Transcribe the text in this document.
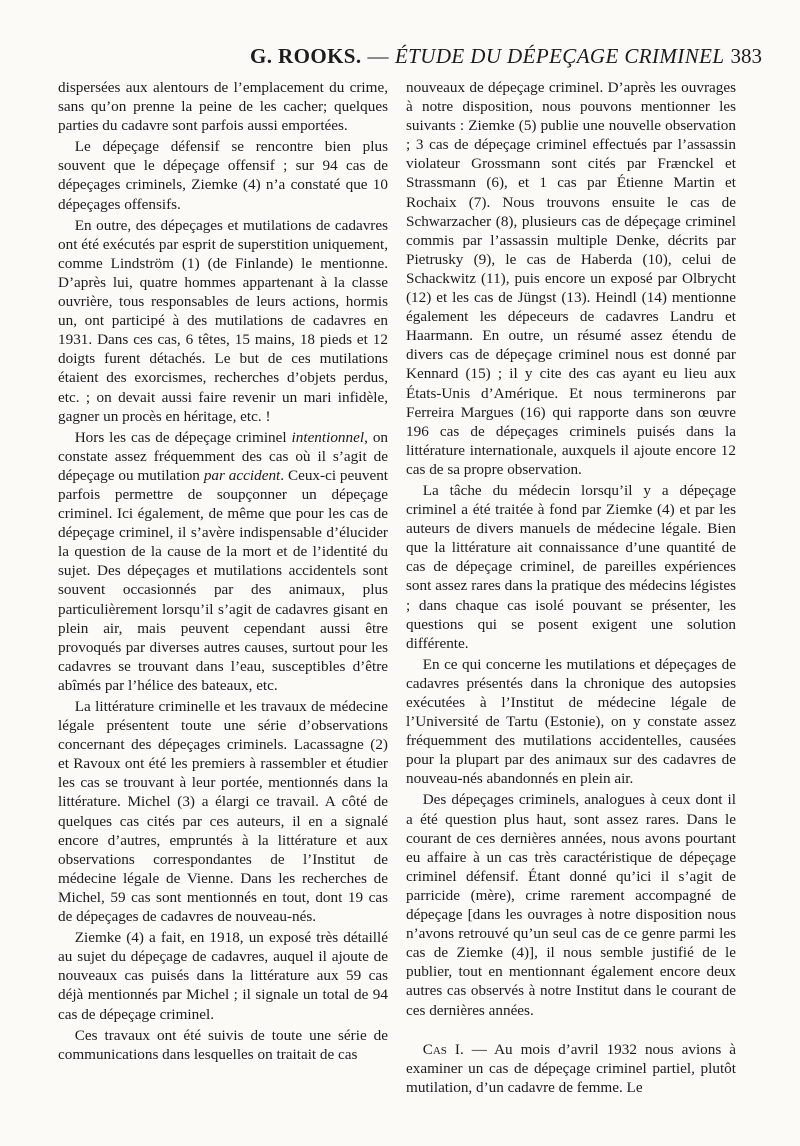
G. ROOKS. — ÉTUDE DU DÉPEÇAGE CRIMINEL 383

dispersées aux alentours de l’emplacement du crime, sans qu’on prenne la peine de les cacher; quelques parties du cadavre sont parfois aussi emportées.

Le dépeçage défensif se rencontre bien plus souvent que le dépeçage offensif ; sur 94 cas de dépeçages criminels, Ziemke (4) n’a constaté que 10 dépeçages offensifs.

En outre, des dépeçages et mutilations de cadavres ont été exécutés par esprit de superstition uniquement, comme Lindström (1) (de Finlande) le mentionne. D’après lui, quatre hommes appartenant à la classe ouvrière, tous responsables de leurs actions, hormis un, ont participé à des mutilations de cadavres en 1931. Dans ces cas, 6 têtes, 15 mains, 18 pieds et 12 doigts furent détachés. Le but de ces mutilations étaient des exorcismes, recherches d’objets perdus, etc. ; on devait aussi faire revenir un mari infidèle, gagner un procès en héritage, etc. !

Hors les cas de dépeçage criminel intentionnel, on constate assez fréquemment des cas où il s’agit de dépeçage ou mutilation par accident. Ceux-ci peuvent parfois permettre de soupçonner un dépeçage criminel. Ici également, de même que pour les cas de dépeçage criminel, il s’avère indispensable d’élucider la question de la cause de la mort et de l’identité du sujet. Des dépeçages et mutilations accidentels sont souvent occasionnés par des animaux, plus particulièrement lorsqu’il s’agit de cadavres gisant en plein air, mais peuvent cependant aussi être provoqués par diverses autres causes, surtout pour les cadavres se trouvant dans l’eau, susceptibles d’être abîmés par l’hélice des bateaux, etc.

La littérature criminelle et les travaux de médecine légale présentent toute une série d’observations concernant des dépeçages criminels. Lacassagne (2) et Ravoux ont été les premiers à rassembler et étudier les cas se trouvant à leur portée, mentionnés dans la littérature. Michel (3) a élargi ce travail. A côté de quelques cas cités par ces auteurs, il en a signalé encore d’autres, empruntés à la littérature et aux observations correspondantes de l’Institut de médecine légale de Vienne. Dans les recherches de Michel, 59 cas sont mentionnés en tout, dont 19 cas de dépeçages de cadavres de nouveau-nés.

Ziemke (4) a fait, en 1918, un exposé très détaillé au sujet du dépeçage de cadavres, auquel il ajoute de nouveaux cas puisés dans la littérature aux 59 cas déjà mentionnés par Michel ; il signale un total de 94 cas de dépeçage criminel.

Ces travaux ont été suivis de toute une série de communications dans lesquelles on traitait de cas

nouveaux de dépeçage criminel. D’après les ouvrages à notre disposition, nous pouvons mentionner les suivants : Ziemke (5) publie une nouvelle observation ; 3 cas de dépeçage criminel effectués par l’assassin violateur Grossmann sont cités par Frænckel et Strassmann (6), et 1 cas par Étienne Martin et Rochaix (7). Nous trouvons ensuite le cas de Schwarzacher (8), plusieurs cas de dépeçage criminel commis par l’assassin multiple Denke, décrits par Pietrusky (9), le cas de Haberda (10), celui de Schackwitz (11), puis encore un exposé par Olbrycht (12) et les cas de Jüngst (13). Heindl (14) mentionne également les dépeceurs de cadavres Landru et Haarmann. En outre, un résumé assez étendu de divers cas de dépeçage criminel nous est donné par Kennard (15) ; il y cite des cas ayant eu lieu aux États-Unis d’Amérique. Et nous terminerons par Ferreira Margues (16) qui rapporte dans son œuvre 196 cas de dépeçages criminels puisés dans la littérature internationale, auxquels il ajoute encore 12 cas de sa propre observation.

La tâche du médecin lorsqu’il y a dépeçage criminel a été traitée à fond par Ziemke (4) et par les auteurs de divers manuels de médecine légale. Bien que la littérature ait connaissance d’une quantité de cas de dépeçage criminel, de pareilles expériences sont assez rares dans la pratique des médecins légistes ; dans chaque cas isolé pouvant se présenter, les questions qui se posent exigent une solution différente.

En ce qui concerne les mutilations et dépeçages de cadavres présentés dans la chronique des autopsies exécutées à l’Institut de médecine légale de l’Université de Tartu (Estonie), on y constate assez fréquemment des mutilations accidentelles, causées pour la plupart par des animaux sur des cadavres de nouveau-nés abandonnés en plein air.

Des dépeçages criminels, analogues à ceux dont il a été question plus haut, sont assez rares. Dans le courant de ces dernières années, nous avons pourtant eu affaire à un cas très caractéristique de dépeçage criminel défensif. Étant donné qu’ici il s’agit de parricide (mère), crime rarement accompagné de dépeçage [dans les ouvrages à notre disposition nous n’avons retrouvé qu’un seul cas de ce genre parmi les cas de Ziemke (4)], il nous semble justifié de le publier, tout en mentionnant également encore deux autres cas observés à notre Institut dans le courant de ces dernières années.

Cas I. — Au mois d’avril 1932 nous avions à examiner un cas de dépeçage criminel partiel, plutôt mutilation, d’un cadavre de femme. Le
